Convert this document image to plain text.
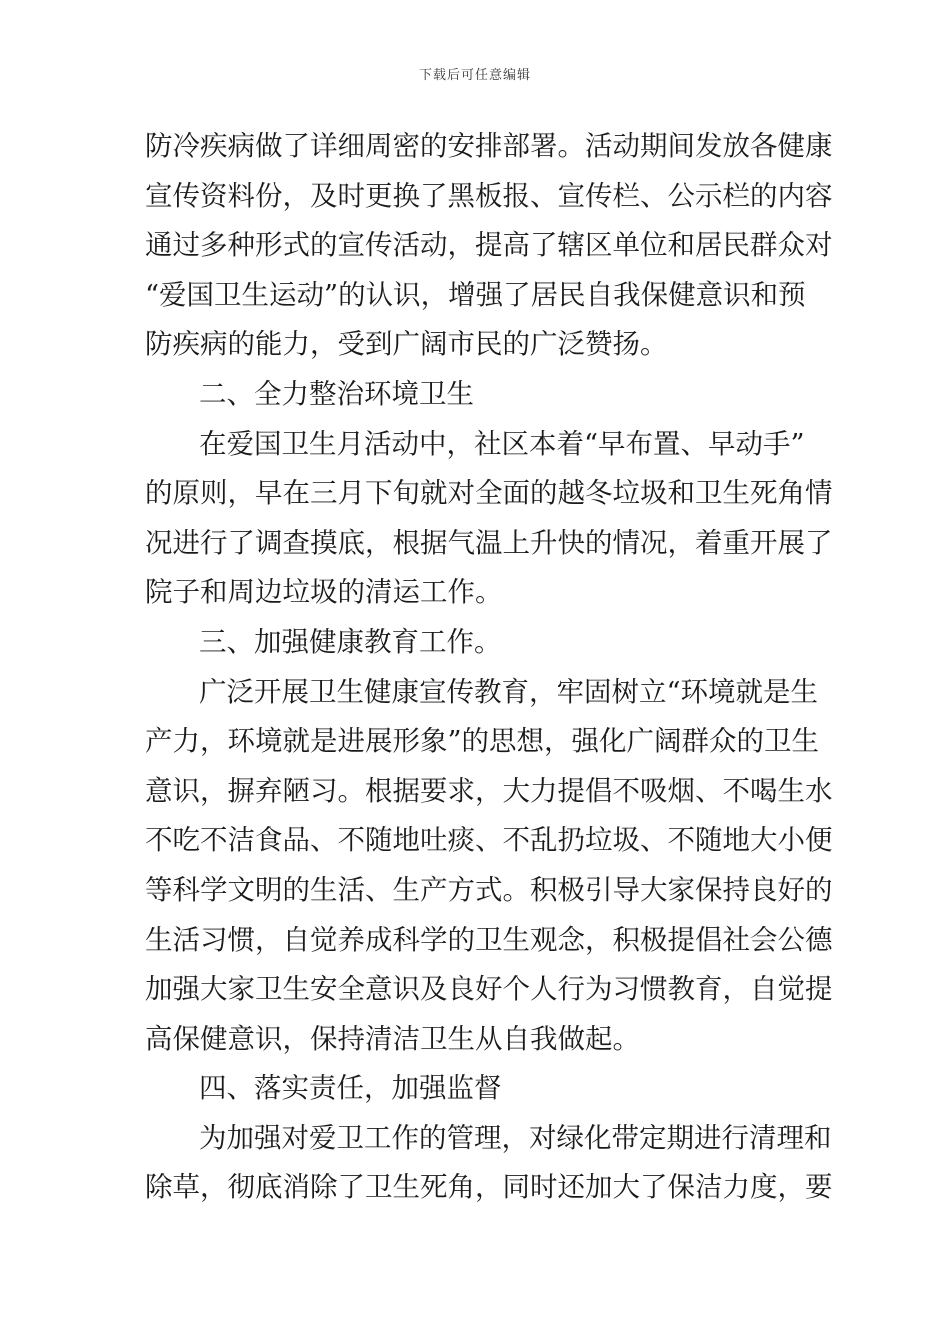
下载后可任意编辑
防冷疾病做了详细周密的安排部署。活动期间发放各健康
宣传资料份，及时更换了黑板报、宣传栏、公示栏的内容
通过多种形式的宣传活动，提高了辖区单位和居民群众对
“爱国卫生运动”的认识，增强了居民自我保健意识和预
防疾病的能力，受到广阔市民的广泛赞扬。
二、全力整治环境卫生
在爱国卫生月活动中，社区本着“早布置、早动手”
的原则，早在三月下旬就对全面的越冬垃圾和卫生死角情
况进行了调查摸底，根据气温上升快的情况，着重开展了
院子和周边垃圾的清运工作。
三、加强健康教育工作。
广泛开展卫生健康宣传教育，牢固树立“环境就是生
产力，环境就是进展形象”的思想，强化广阔群众的卫生
意识，摒弃陋习。根据要求，大力提倡不吸烟、不喝生水
不吃不洁食品、不随地吐痰、不乱扔垃圾、不随地大小便
等科学文明的生活、生产方式。积极引导大家保持良好的
生活习惯，自觉养成科学的卫生观念，积极提倡社会公德
加强大家卫生安全意识及良好个人行为习惯教育，自觉提
高保健意识，保持清洁卫生从自我做起。
四、落实责任，加强监督
为加强对爱卫工作的管理，对绿化带定期进行清理和
除草，彻底消除了卫生死角，同时还加大了保洁力度，要
